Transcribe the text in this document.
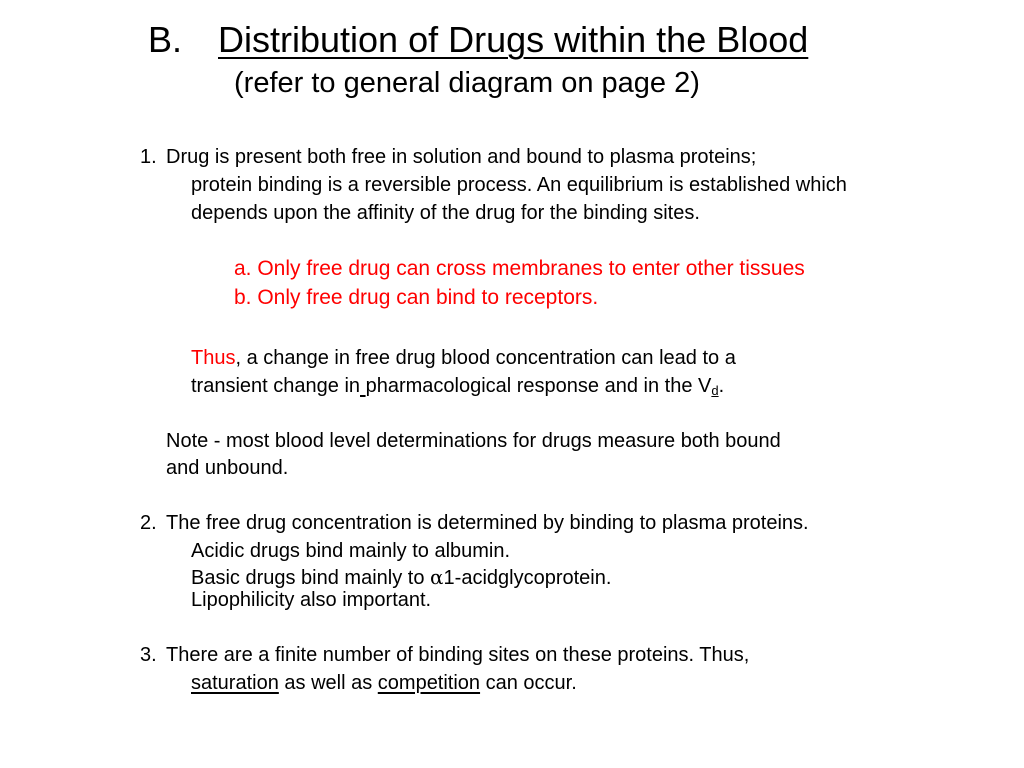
B. Distribution of Drugs within the Blood
(refer to general diagram on page 2)
1. Drug is present both free in solution and bound to plasma proteins;
protein binding is a reversible process. An equilibrium is established which
depends upon the affinity of the drug for the binding sites.
a. Only free drug can cross membranes to enter other tissues
b. Only free drug can bind to receptors.
Thus, a change in free drug blood concentration can lead to a
transient change in pharmacological response and in the $V_d$.
Note - most blood level determinations for drugs measure both bound
and unbound.
2. The free drug concentration is determined by binding to plasma proteins.
Acidic drugs bind mainly to albumin.
Basic drugs bind mainly to α1-acidglycoprotein.
Lipophilicity also important.
3. There are a finite number of binding sites on these proteins. Thus,
saturation as well as competition can occur.
